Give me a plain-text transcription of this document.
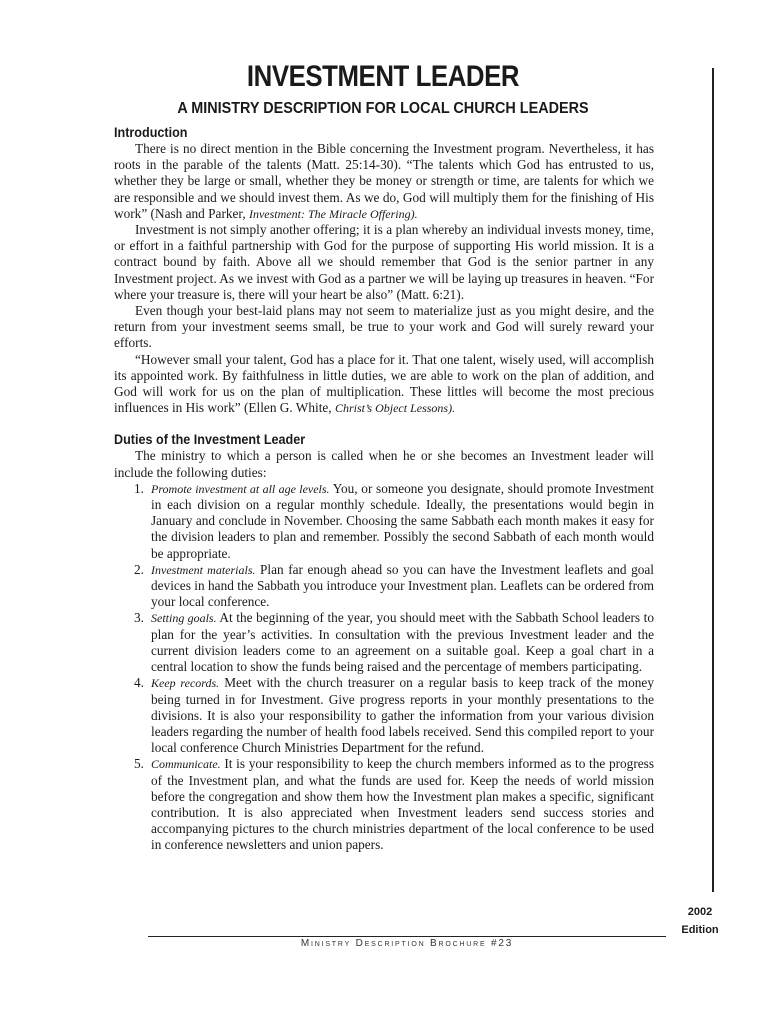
INVESTMENT LEADER
A MINISTRY DESCRIPTION FOR LOCAL CHURCH LEADERS
Introduction

There is no direct mention in the Bible concerning the Investment program. Nevertheless, it has roots in the parable of the talents (Matt. 25:14-30). “The talents which God has entrusted to us, whether they be large or small, whether they be money or strength or time, are talents for which we are responsible and we should invest them. As we do, God will multiply them for the finishing of His work” (Nash and Parker, Investment: The Miracle Offering).

Investment is not simply another offering; it is a plan whereby an individual invests money, time, or effort in a faithful partnership with God for the purpose of supporting His world mission. It is a contract bound by faith. Above all we should remember that God is the senior partner in any Investment project. As we invest with God as a partner we will be laying up treasures in heaven. “For where your treasure is, there will your heart be also” (Matt. 6:21).

Even though your best-laid plans may not seem to materialize just as you might desire, and the return from your investment seems small, be true to your work and God will surely reward your efforts.

“However small your talent, God has a place for it. That one talent, wisely used, will accomplish its appointed work. By faithfulness in little duties, we are able to work on the plan of addition, and God will work for us on the plan of multiplication. These littles will become the most precious influences in His work” (Ellen G. White, Christ’s Object Lessons).

Duties of the Investment Leader

The ministry to which a person is called when he or she becomes an Investment leader will include the following duties:

1. Promote investment at all age levels. You, or someone you designate, should promote Investment in each division on a regular monthly schedule. Ideally, the presentations would begin in January and conclude in November. Choosing the same Sabbath each month makes it easy for the division leaders to plan and remember. Possibly the second Sabbath of each month would be appropriate.
2. Investment materials. Plan far enough ahead so you can have the Investment leaflets and goal devices in hand the Sabbath you introduce your Investment plan. Leaflets can be ordered from your local conference.
3. Setting goals. At the beginning of the year, you should meet with the Sabbath School leaders to plan for the year’s activities. In consultation with the previous Investment leader and the current division leaders come to an agreement on a suitable goal. Keep a goal chart in a central location to show the funds being raised and the percentage of members participating.
4. Keep records. Meet with the church treasurer on a regular basis to keep track of the money being turned in for Investment. Give progress reports in your monthly presentations to the divisions. It is also your responsibility to gather the information from your various division leaders regarding the number of health food labels received. Send this compiled report to your local conference Church Ministries Department for the refund.
5. Communicate. It is your responsibility to keep the church members informed as to the progress of the Investment plan, and what the funds are used for. Keep the needs of world mission before the congregation and show them how the Investment plan makes a specific, significant contribution. It is also appreciated when Investment leaders send success stories and accompanying pictures to the church ministries department of the local conference to be used in conference newsletters and union papers.
2002
Edition
Ministry Description Brochure #23
